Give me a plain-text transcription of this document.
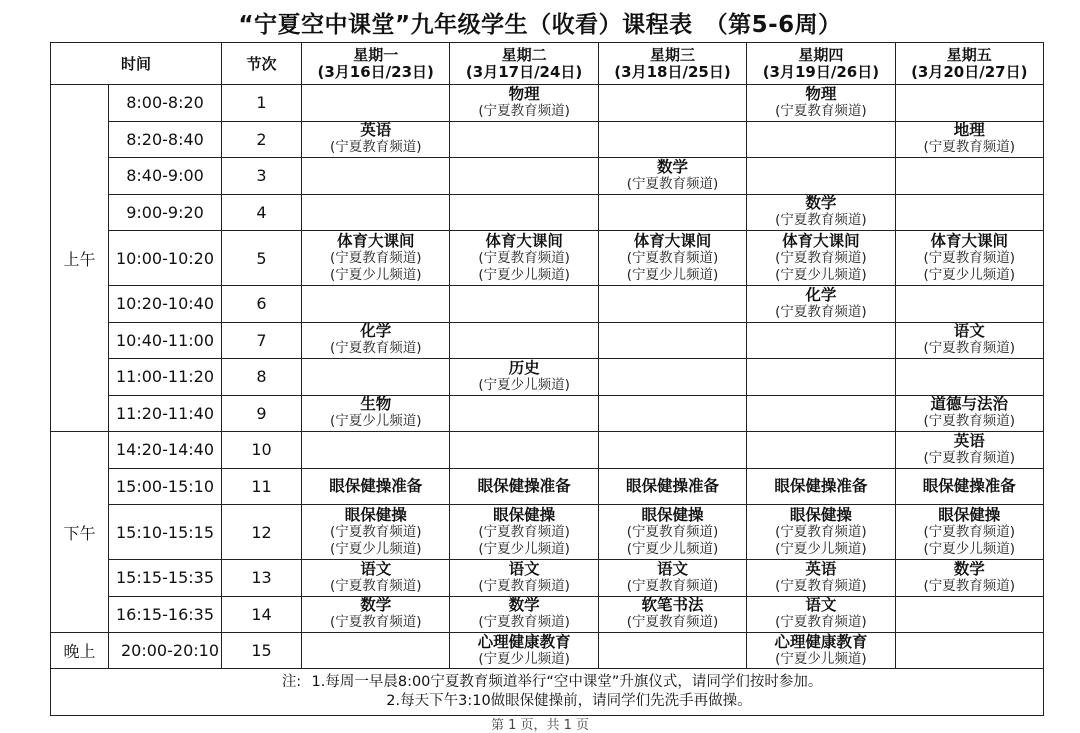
“宁夏空中课堂”九年级学生（收看）课程表　（第5-6周）
时间		节次	星期一
(3月16日/23日)	星期二
(3月17日/24日)	星期三
(3月18日/25日)	星期四
(3月19日/26日)	星期五
(3月20日/27日)

上午	8:00-8:20	1		物理
(宁夏教育频道)		物理
(宁夏教育频道)	

	8:20-8:40	2	英语
(宁夏教育频道)				地理
(宁夏教育频道)

	8:40-9:00	3			数学
(宁夏教育频道)		

	9:00-9:20	4				数学
(宁夏教育频道)	

	10:00-10:20	5	体育大课间
(宁夏教育频道)
(宁夏少儿频道)	体育大课间
(宁夏教育频道)
(宁夏少儿频道)	体育大课间
(宁夏教育频道)
(宁夏少儿频道)	体育大课间
(宁夏教育频道)
(宁夏少儿频道)	体育大课间
(宁夏教育频道)
(宁夏少儿频道)

	10:20-10:40	6				化学
(宁夏教育频道)	

	10:40-11:00	7	化学
(宁夏教育频道)				语文
(宁夏教育频道)

	11:00-11:20	8		历史
(宁夏少儿频道)			

	11:20-11:40	9	生物
(宁夏少儿频道)				道德与法治
(宁夏教育频道)

下午	14:20-14:40	10					英语
(宁夏教育频道)

	15:00-15:10	11	眼保健操准备	眼保健操准备	眼保健操准备	眼保健操准备	眼保健操准备

	15:10-15:15	12	眼保健操
(宁夏教育频道)
(宁夏少儿频道)	眼保健操
(宁夏教育频道)
(宁夏少儿频道)	眼保健操
(宁夏教育频道)
(宁夏少儿频道)	眼保健操
(宁夏教育频道)
(宁夏少儿频道)	眼保健操
(宁夏教育频道)
(宁夏少儿频道)

	15:15-15:35	13	语文
(宁夏教育频道)	语文
(宁夏教育频道)	语文
(宁夏教育频道)	英语
(宁夏教育频道)	数学
(宁夏教育频道)

	16:15-16:35	14	数学
(宁夏教育频道)	数学
(宁夏教育频道)	软笔书法
(宁夏教育频道)	语文
(宁夏教育频道)	

晚上	20:00-20:10	15		心理健康教育
(宁夏少儿频道)		心理健康教育
(宁夏少儿频道)	

注: 1.每周一早晨8:00宁夏教育频道举行“空中课堂”升旗仪式，请同学们按时参加。
2.每天下午3:10做眼保健操前，请同学们先洗手再做操。							
第 1 页，共 1 页
